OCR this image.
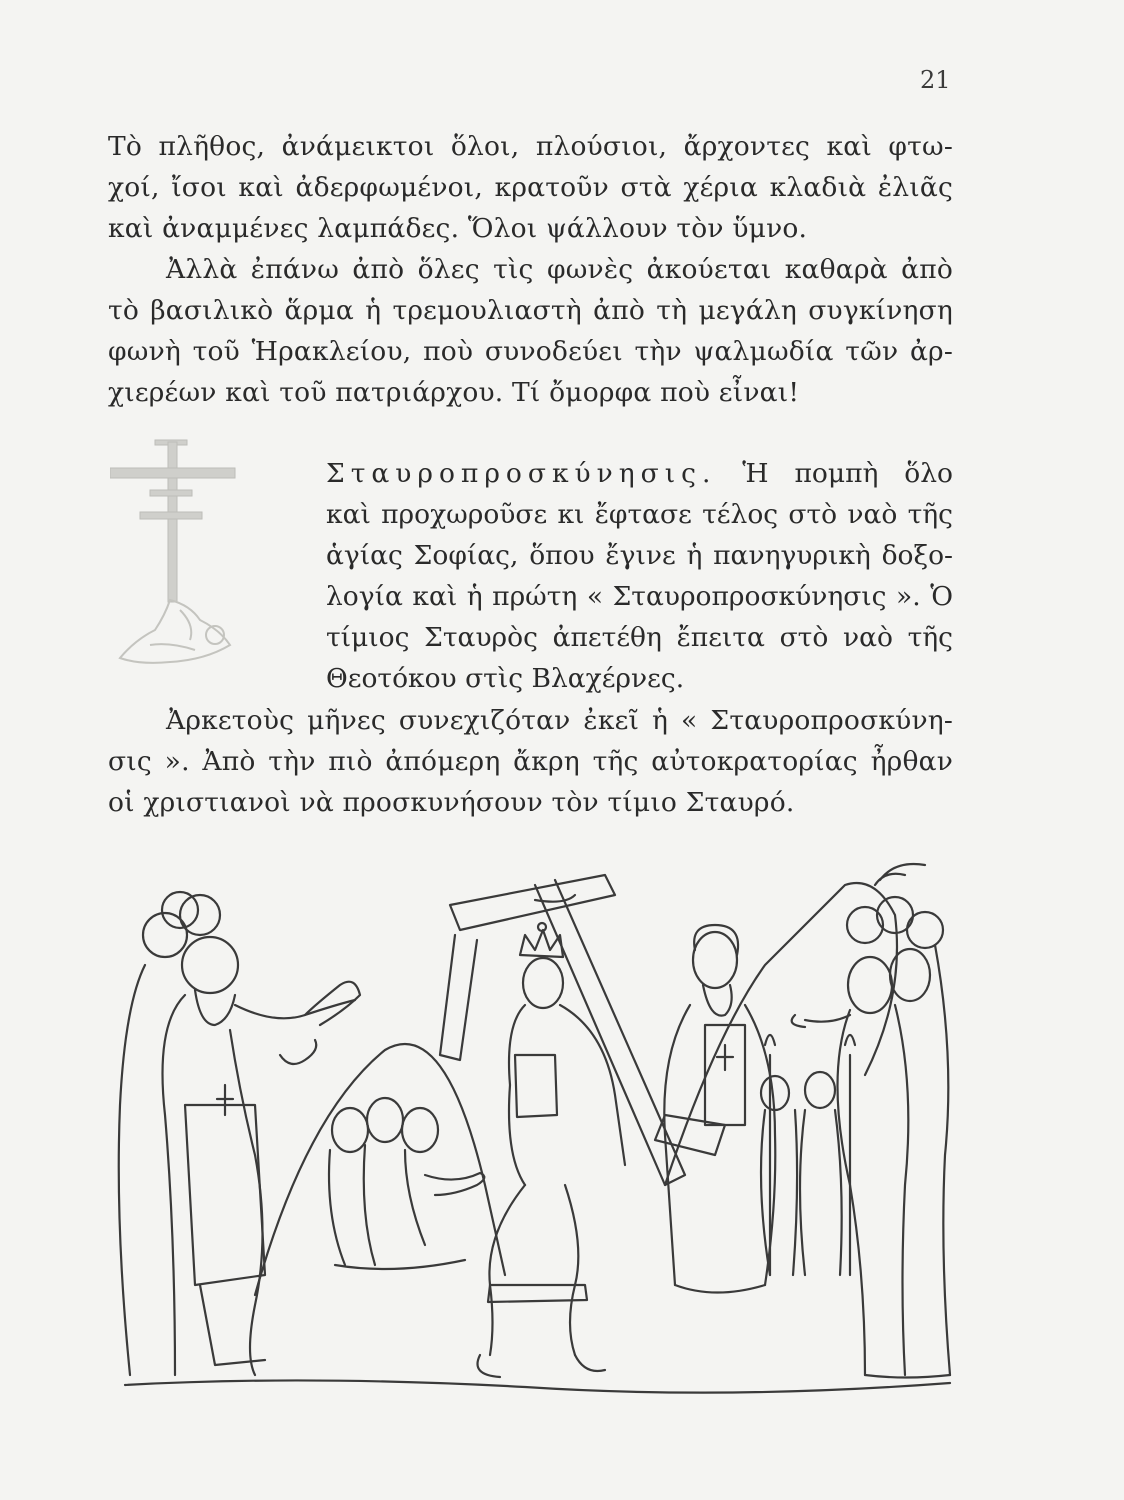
21
Τὸ πλῆθος, ἀνάμεικτοι ὅλοι, πλούσιοι, ἄρχοντες καὶ φτω-
χοί, ἴσοι καὶ ἀδερφωμένοι, κρατοῦν στὰ χέρια κλαδιὰ ἐλιᾶς
καὶ ἀναμμένες λαμπάδες. Ὅλοι ψάλλουν τὸν ὕμνο.
Ἀλλὰ ἐπάνω ἀπὸ ὅλες τὶς φωνὲς ἀκούεται καθαρὰ ἀπὸ
τὸ βασιλικὸ ἅρμα ἡ τρεμουλιαστὴ ἀπὸ τὴ μεγάλη συγκίνηση
φωνὴ τοῦ Ἡρακλείου, ποὺ συνοδεύει τὴν ψαλμωδία τῶν ἀρ-
χιερέων καὶ τοῦ πατριάρχου. Τί ὄμορφα ποὺ εἶναι!
Σταυροπροσκύνησις. Ἡ πομπὴ ὅλο
καὶ προχωροῦσε κι ἔφτασε τέλος στὸ ναὸ τῆς
ἁγίας Σοφίας, ὅπου ἔγινε ἡ πανηγυρικὴ δοξο-
λογία καὶ ἡ πρώτη « Σταυροπροσκύνησις ». Ὁ
τίμιος Σταυρὸς ἀπετέθη ἔπειτα στὸ ναὸ τῆς
Θεοτόκου στὶς Βλαχέρνες.
Ἀρκετοὺς μῆνες συνεχιζόταν ἐκεῖ ἡ « Σταυροπροσκύνη-
σις ». Ἀπὸ τὴν πιὸ ἀπόμερη ἄκρη τῆς αὐτοκρατορίας ἦρθαν
οἱ χριστιανοὶ νὰ προσκυνήσουν τὸν τίμιο Σταυρό.
